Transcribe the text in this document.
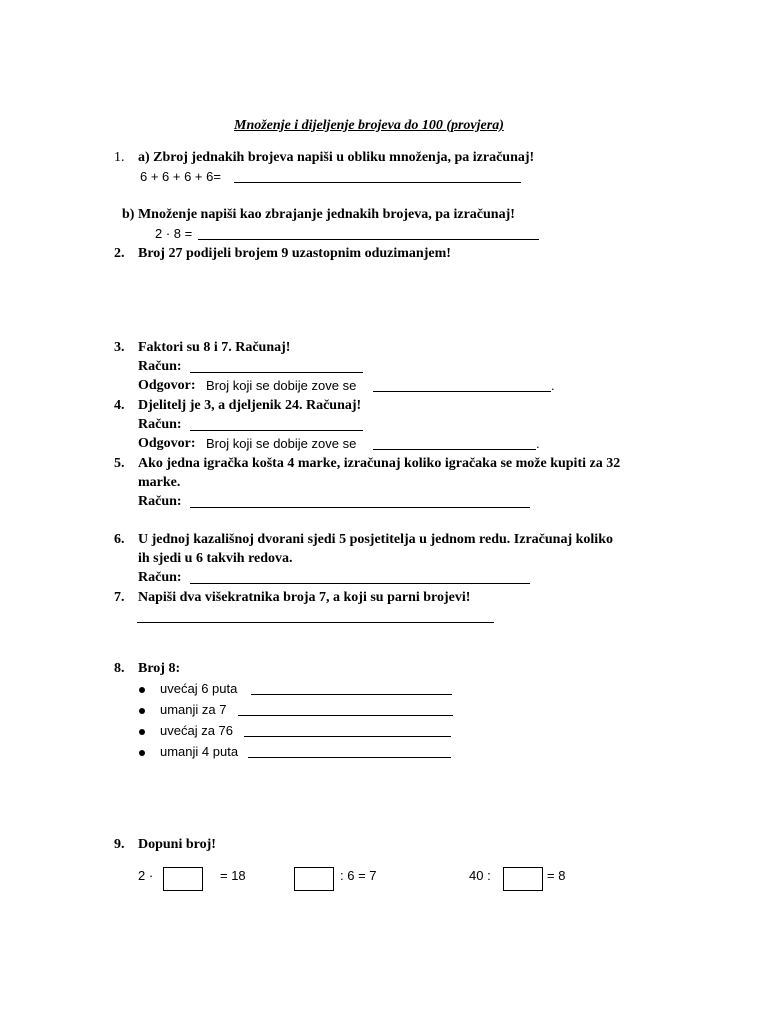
Množenje i dijeljenje brojeva do 100 (provjera)
1. a) Zbroj jednakih brojeva napiši u obliku množenja, pa izračunaj!
6 + 6 + 6 + 6=
b) Množenje napiši kao zbrajanje jednakih brojeva, pa izračunaj!
2 · 8 =
2. Broj 27 podijeli brojem 9 uzastopnim oduzimanjem!
3. Faktori su 8 i 7. Računaj!
Račun:
Odgovor: Broj koji se dobije zove se	.
4. Djelitelj je 3, a djeljenik 24. Računaj!
Račun:
Odgovor: Broj koji se dobije zove se	.
5. Ako jedna igračka košta 4 marke, izračunaj koliko igračaka se može kupiti za 32
marke.
Račun:
6. U jednoj kazališnoj dvorani sjedi 5 posjetitelja u jednom redu. Izračunaj koliko
ih sjedi u 6 takvih redova.
Račun:
7. Napiši dva višekratnika broja 7, a koji su parni brojevi!
8. Broj 8:
uvećaj 6 puta
umanji za 7
uvećaj za 76
umanji 4 puta
9. Dopuni broj!
2 ·	= 18	: 6 = 7	40 :	= 8
